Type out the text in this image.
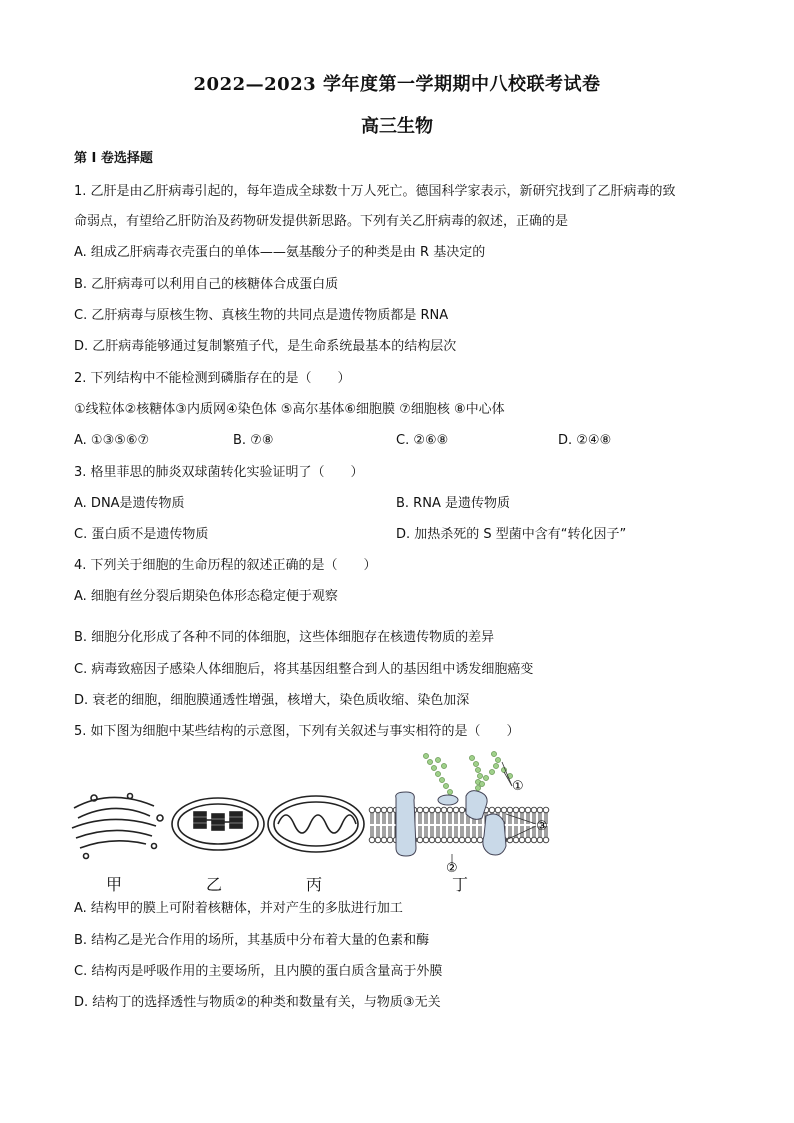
2022—2023 学年度第一学期期中八校联考试卷
高三生物
第 I 卷选择题
1. 乙肝是由乙肝病毒引起的，每年造成全球数十万人死亡。德国科学家表示，新研究找到了乙肝病毒的致
命弱点，有望给乙肝防治及药物研发提供新思路。下列有关乙肝病毒的叙述，正确的是
A. 组成乙肝病毒衣壳蛋白的单体——氨基酸分子的种类是由 R 基决定的
B. 乙肝病毒可以利用自己的核糖体合成蛋白质
C. 乙肝病毒与原核生物、真核生物的共同点是遗传物质都是 RNA
D. 乙肝病毒能够通过复制繁殖子代，是生命系统最基本的结构层次
2. 下列结构中不能检测到磷脂存在的是（　　）
①线粒体②核糖体③内质网④染色体 ⑤高尔基体⑥细胞膜 ⑦细胞核 ⑧中心体
A. ①③⑤⑥⑦	B. ⑦⑧	C. ②⑥⑧	D. ②④⑧
3. 格里菲思的肺炎双球菌转化实验证明了（　　）
A. DNA是遗传物质	B. RNA 是遗传物质
C. 蛋白质不是遗传物质	D. 加热杀死的 S 型菌中含有“转化因子”
4. 下列关于细胞的生命历程的叙述正确的是（　　）
A. 细胞有丝分裂后期染色体形态稳定便于观察
B. 细胞分化形成了各种不同的体细胞，这些体细胞存在核遗传物质的差异
C. 病毒致癌因子感染人体细胞后，将其基因组整合到人的基因组中诱发细胞癌变
D. 衰老的细胞，细胞膜通透性增强，核增大，染色质收缩、染色加深
5. 如下图为细胞中某些结构的示意图，下列有关叙述与事实相符的是（　　）
①
③
②
甲	乙	丙	丁
A. 结构甲的膜上可附着核糖体，并对产生的多肽进行加工
B. 结构乙是光合作用的场所，其基质中分布着大量的色素和酶
C. 结构丙是呼吸作用的主要场所，且内膜的蛋白质含量高于外膜
D. 结构丁的选择透性与物质②的种类和数量有关，与物质③无关
